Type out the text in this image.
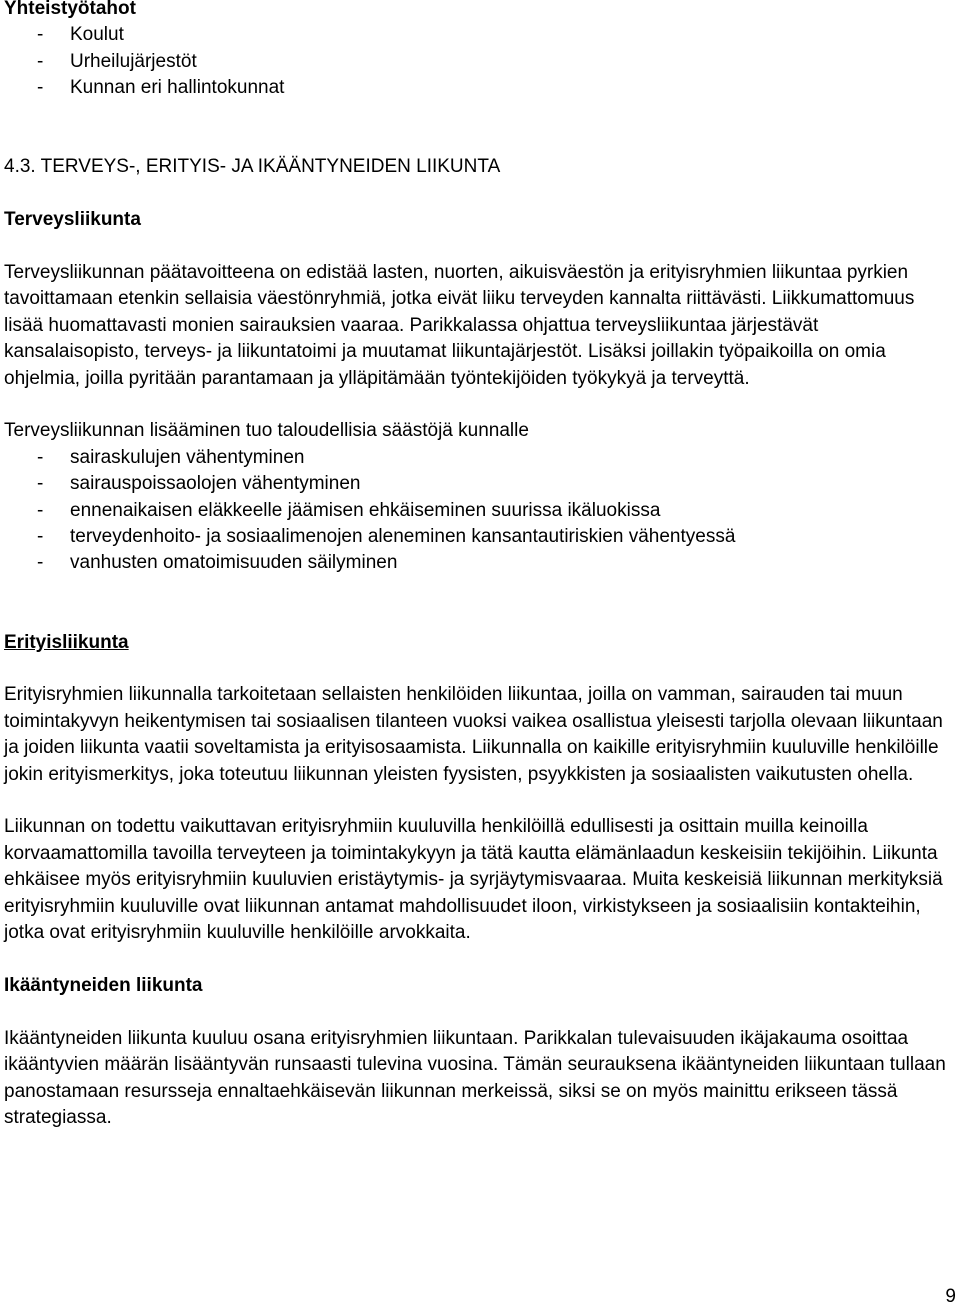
Yhteistyötahot

- Koulut
- Urheilujärjestöt
- Kunnan eri hallintokunnat

4.3. TERVEYS-, ERITYIS- JA IKÄÄNTYNEIDEN LIIKUNTA

Terveysliikunta

Terveysliikunnan päätavoitteena on edistää lasten, nuorten, aikuisväestön ja erityisryhmien liikuntaa pyrkien tavoittamaan etenkin sellaisia väestönryhmiä, jotka eivät liiku terveyden kannalta riittävästi. Liikkumattomuus lisää huomattavasti monien sairauksien vaaraa. Parikkalassa ohjattua terveysliikuntaa järjestävät kansalaisopisto, terveys- ja liikuntatoimi ja muutamat liikuntajärjestöt. Lisäksi joillakin työpaikoilla on omia ohjelmia, joilla pyritään parantamaan ja ylläpitämään työntekijöiden työkykyä ja terveyttä.

Terveysliikunnan lisääminen tuo taloudellisia säästöjä kunnalle

- sairaskulujen vähentyminen
- sairauspoissaolojen vähentyminen
- ennenaikaisen eläkkeelle jäämisen ehkäiseminen suurissa ikäluokissa
- terveydenhoito- ja sosiaalimenojen aleneminen kansantautiriskien vähentyessä
- vanhusten omatoimisuuden säilyminen

Erityisliikunta

Erityisryhmien liikunnalla tarkoitetaan sellaisten henkilöiden liikuntaa, joilla on vamman, sairauden tai muun toimintakyvyn heikentymisen tai sosiaalisen tilanteen vuoksi vaikea osallistua yleisesti tarjolla olevaan liikuntaan ja joiden liikunta vaatii soveltamista ja erityisosaamista. Liikunnalla on kaikille erityisryhmiin kuuluville henkilöille jokin erityismerkitys, joka toteutuu liikunnan yleisten fyysisten, psyykkisten ja sosiaalisten vaikutusten ohella.

Liikunnan on todettu vaikuttavan erityisryhmiin kuuluvilla henkilöillä edullisesti ja osittain muilla keinoilla korvaamattomilla tavoilla terveyteen ja toimintakykyyn ja tätä kautta elämänlaadun keskeisiin tekijöihin. Liikunta ehkäisee myös erityisryhmiin kuuluvien eristäytymis- ja syrjäytymisvaaraa. Muita keskeisiä liikunnan merkityksiä erityisryhmiin kuuluville ovat liikunnan antamat mahdollisuudet iloon, virkistykseen ja sosiaalisiin kontakteihin, jotka ovat erityisryhmiin kuuluville henkilöille arvokkaita.

Ikääntyneiden liikunta

Ikääntyneiden liikunta kuuluu osana erityisryhmien liikuntaan. Parikkalan tulevaisuuden ikäjakauma osoittaa ikääntyvien määrän lisääntyvän runsaasti tulevina vuosina. Tämän seurauksena ikääntyneiden liikuntaan tullaan panostamaan resursseja ennaltaehkäisevän liikunnan merkeissä, siksi se on myös mainittu erikseen tässä strategiassa.

9
